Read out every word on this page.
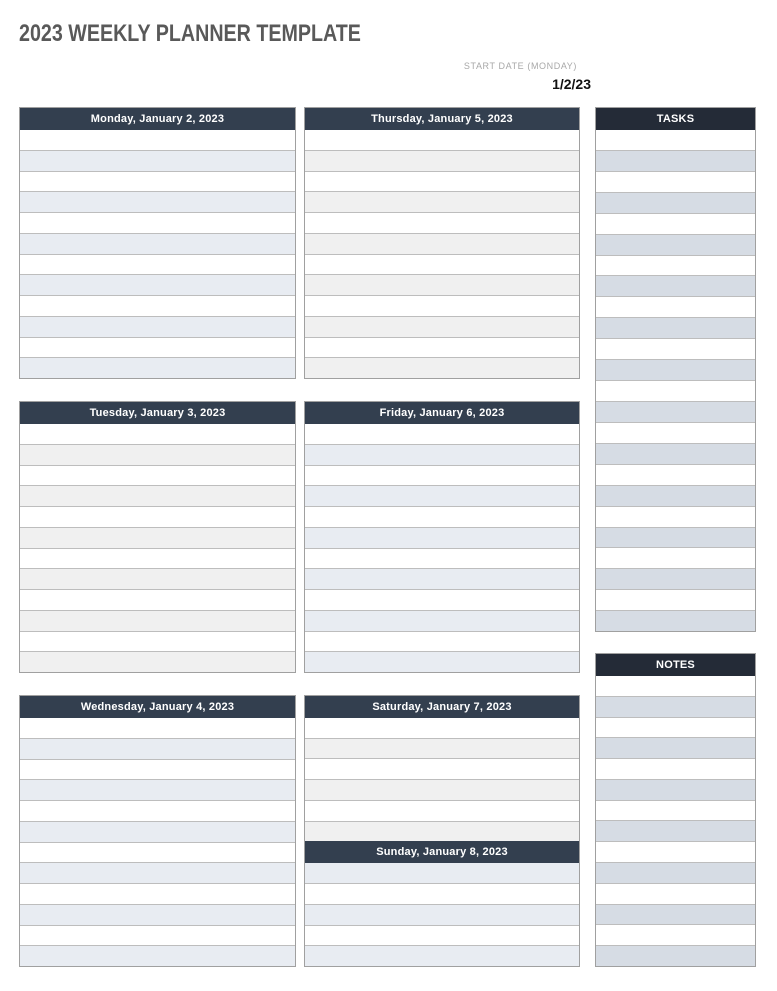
2023 WEEKLY PLANNER TEMPLATE
START DATE (MONDAY)
1/2/23
Monday, January 2, 2023
Tuesday, January 3, 2023
Wednesday, January 4, 2023
Thursday, January 5, 2023
Friday, January 6, 2023
Saturday, January 7, 2023
Sunday, January 8, 2023
TASKS
NOTES
